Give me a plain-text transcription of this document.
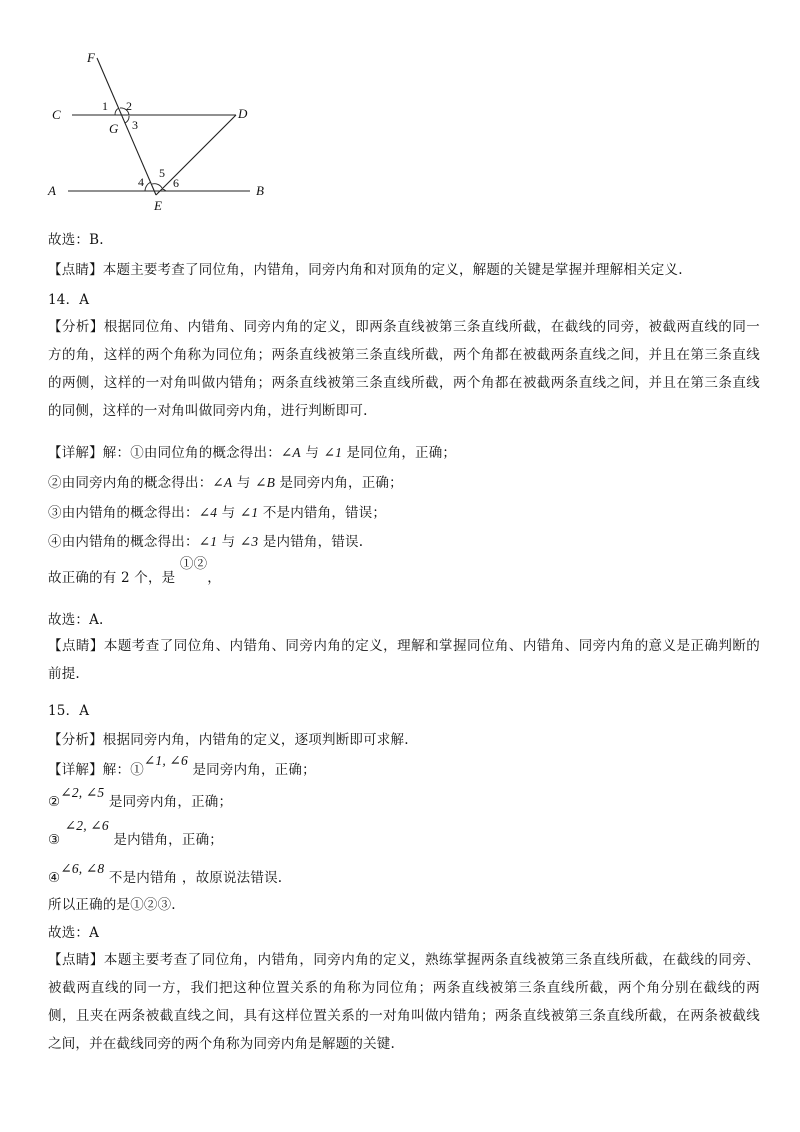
F
C	D
A	B
E
G
1 2
3
4
5
6
故选：B.
【点睛】本题主要考查了同位角，内错角，同旁内角和对顶角的定义，解题的关键是掌握并理解相关定义.
14．A
【分析】根据同位角、内错角、同旁内角的定义，即两条直线被第三条直线所截，在截线的同旁，被截两直线的同一方的角，这样的两个角称为同位角；两条直线被第三条直线所截，两个角都在被截两条直线之间，并且在第三条直线的两侧，这样的一对角叫做内错角；两条直线被第三条直线所截，两个角都在被截两条直线之间，并且在第三条直线的同侧，这样的一对角叫做同旁内角，进行判断即可.
【详解】解：①由同位角的概念得出：∠A 与 ∠1 是同位角，正确；
②由同旁内角的概念得出：∠A 与 ∠B 是同旁内角，正确；
③由内错角的概念得出：∠4 与 ∠1 不是内错角，错误；
④由内错角的概念得出：∠1 与 ∠3 是内错角，错误.
故正确的有 2 个，是 ①②，
故选：A.
【点睛】本题考查了同位角、内错角、同旁内角的定义，理解和掌握同位角、内错角、同旁内角的意义是正确判断的前提.
15．A
【分析】根据同旁内角，内错角的定义，逐项判断即可求解.
【详解】解：①∠1, ∠6 是同旁内角，正确；
②∠2, ∠5 是同旁内角，正确；
③ ∠2, ∠6 是内错角，正确；
④∠6, ∠8 不是内错角 ，故原说法错误.
所以正确的是①②③.
故选：A
【点睛】本题主要考查了同位角，内错角，同旁内角的定义，熟练掌握两条直线被第三条直线所截，在截线的同旁、被截两直线的同一方，我们把这种位置关系的角称为同位角；两条直线被第三条直线所截，两个角分别在截线的两侧，且夹在两条被截直线之间，具有这样位置关系的一对角叫做内错角；两条直线被第三条直线所截，在两条被截线之间，并在截线同旁的两个角称为同旁内角是解题的关键.
